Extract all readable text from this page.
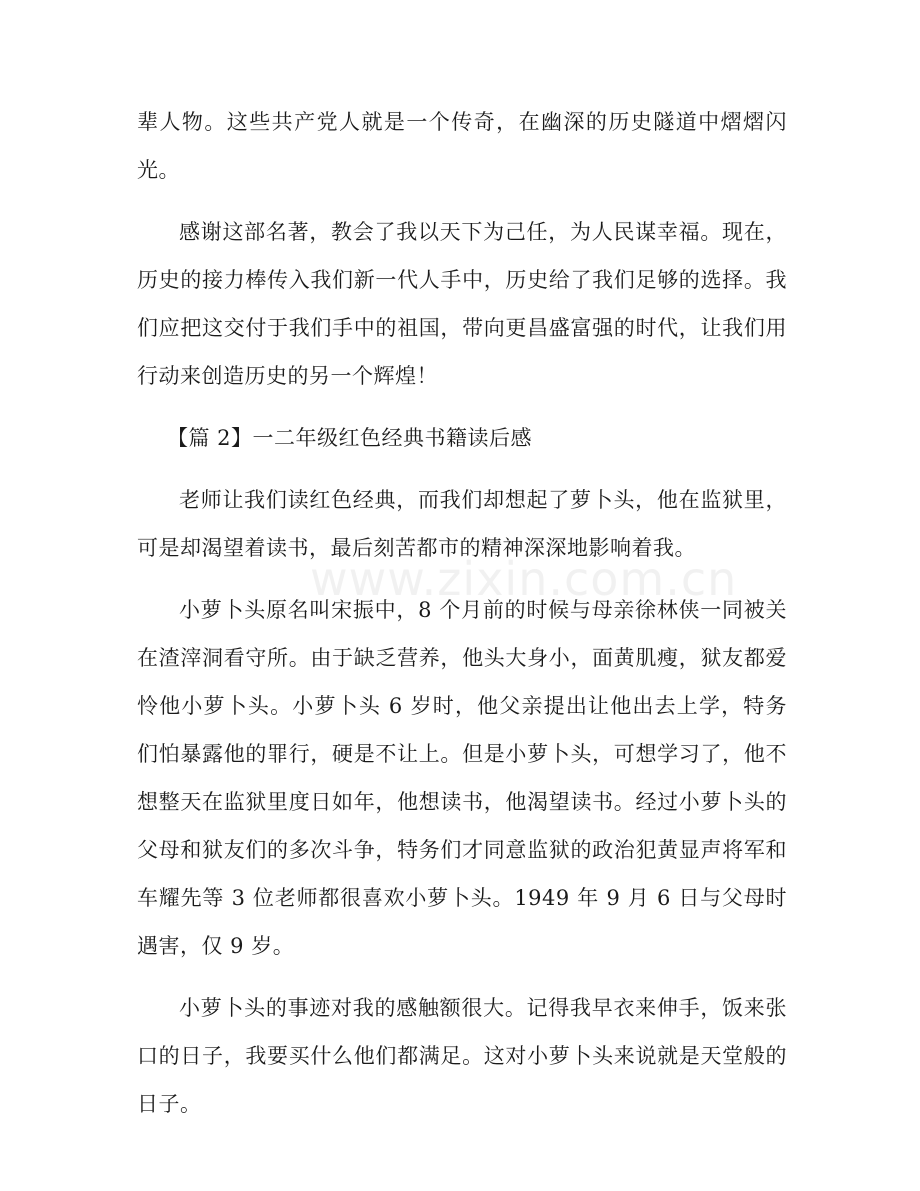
辈人物。这些共产党人就是一个传奇，在幽深的历史隧道中熠熠闪光。

感谢这部名著，教会了我以天下为己任，为人民谋幸福。现在，历史的接力棒传入我们新一代人手中，历史给了我们足够的选择。我们应把这交付于我们手中的祖国，带向更昌盛富强的时代，让我们用行动来创造历史的另一个辉煌！

【篇 2】一二年级红色经典书籍读后感

老师让我们读红色经典，而我们却想起了萝卜头，他在监狱里，可是却渴望着读书，最后刻苦都市的精神深深地影响着我。

小萝卜头原名叫宋振中，8 个月前的时候与母亲徐林侠一同被关在渣滓洞看守所。由于缺乏营养，他头大身小，面黄肌瘦，狱友都爱怜他小萝卜头。小萝卜头 6 岁时，他父亲提出让他出去上学，特务们怕暴露他的罪行，硬是不让上。但是小萝卜头，可想学习了，他不想整天在监狱里度日如年，他想读书，他渴望读书。经过小萝卜头的父母和狱友们的多次斗争，特务们才同意监狱的政治犯黄显声将军和车耀先等 3 位老师都很喜欢小萝卜头。1949 年 9 月 6 日与父母时遇害，仅 9 岁。

小萝卜头的事迹对我的感触额很大。记得我早衣来伸手，饭来张口的日子，我要买什么他们都满足。这对小萝卜头来说就是天堂般的日子。

www.zixin.com.cn
